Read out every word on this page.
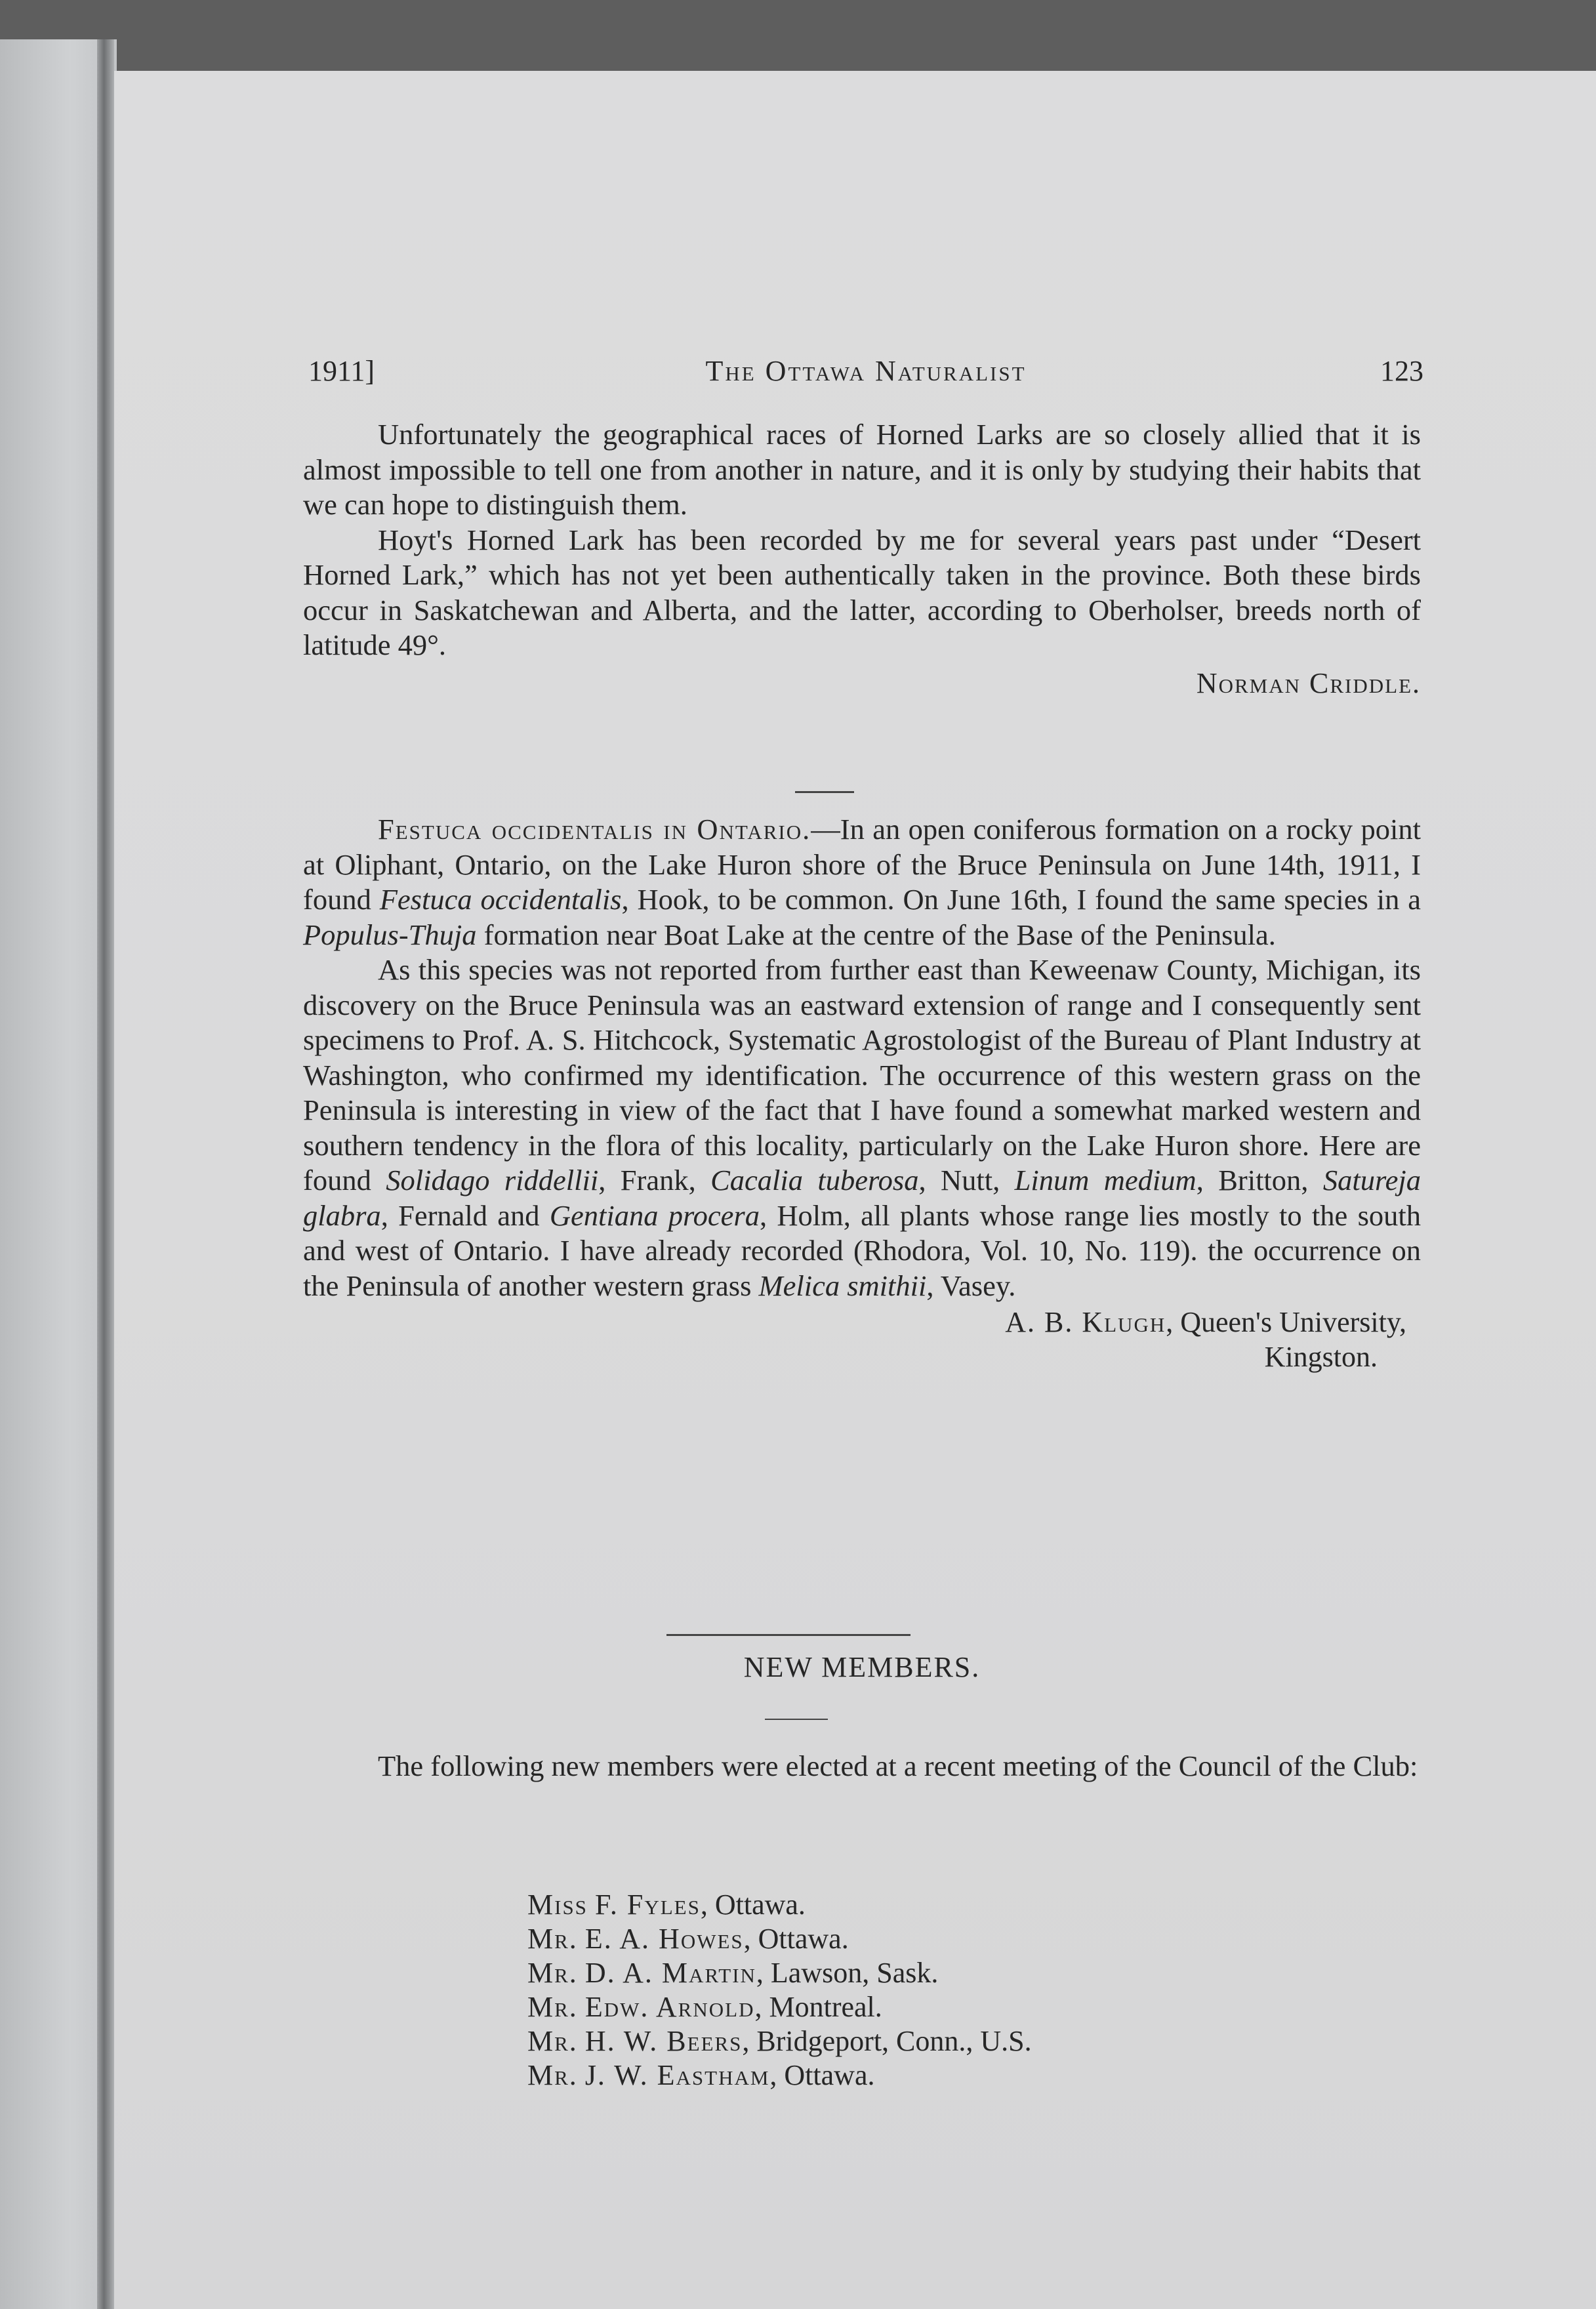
1911]	The Ottawa Naturalist	123

Unfortunately the geographical races of Horned Larks are so closely allied that it is almost impossible to tell one from another in nature, and it is only by studying their habits that we can hope to distinguish them.

Hoyt's Horned Lark has been recorded by me for several years past under “Desert Horned Lark,” which has not yet been authentically taken in the province. Both these birds occur in Saskatchewan and Alberta, and the latter, according to Oberholser, breeds north of latitude 49°.

Norman Criddle.

Festuca occidentalis in Ontario.—In an open coniferous formation on a rocky point at Oliphant, Ontario, on the Lake Huron shore of the Bruce Peninsula on June 14th, 1911, I found Festuca occidentalis, Hook, to be common. On June 16th, I found the same species in a Populus-Thuja formation near Boat Lake at the centre of the Base of the Peninsula.

As this species was not reported from further east than Keweenaw County, Michigan, its discovery on the Bruce Peninsula was an eastward extension of range and I consequently sent specimens to Prof. A. S. Hitchcock, Systematic Agrostologist of the Bureau of Plant Industry at Washington, who confirmed my identification. The occurrence of this western grass on the Peninsula is interesting in view of the fact that I have found a somewhat marked western and southern tendency in the flora of this locality, particularly on the Lake Huron shore. Here are found Solidago riddellii, Frank, Cacalia tuberosa, Nutt, Linum medium, Britton, Satureja glabra, Fernald and Gentiana procera, Holm, all plants whose range lies mostly to the south and west of Ontario. I have already recorded (Rhodora, Vol. 10, No. 119). the occurrence on the Peninsula of another western grass Melica smithii, Vasey.

A. B. Klugh, Queen's University,
Kingston.
NEW MEMBERS.

The following new members were elected at a recent meeting of the Council of the Club:

Miss F. Fyles, Ottawa.
Mr. E. A. Howes, Ottawa.
Mr. D. A. Martin, Lawson, Sask.
Mr. Edw. Arnold, Montreal.
Mr. H. W. Beers, Bridgeport, Conn., U.S.
Mr. J. W. Eastham, Ottawa.
